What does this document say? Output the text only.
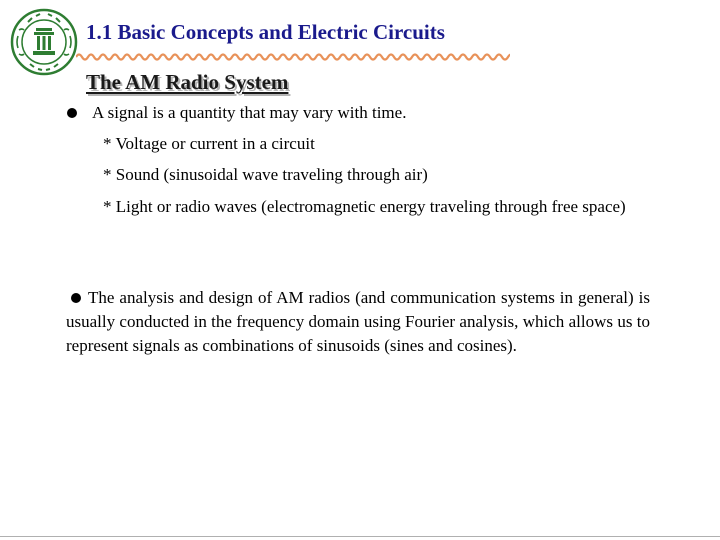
1.1 Basic Concepts and Electric Circuits
The AM Radio System

A signal is a quantity that may vary with time.

* Voltage or current in a circuit

* Sound (sinusoidal wave traveling through air)

* Light or radio waves (electromagnetic energy traveling through free space)

The analysis and design of AM radios (and communication systems in general) is usually conducted in the frequency domain using Fourier analysis, which allows us to represent signals as combinations of sinusoids (sines and cosines).
